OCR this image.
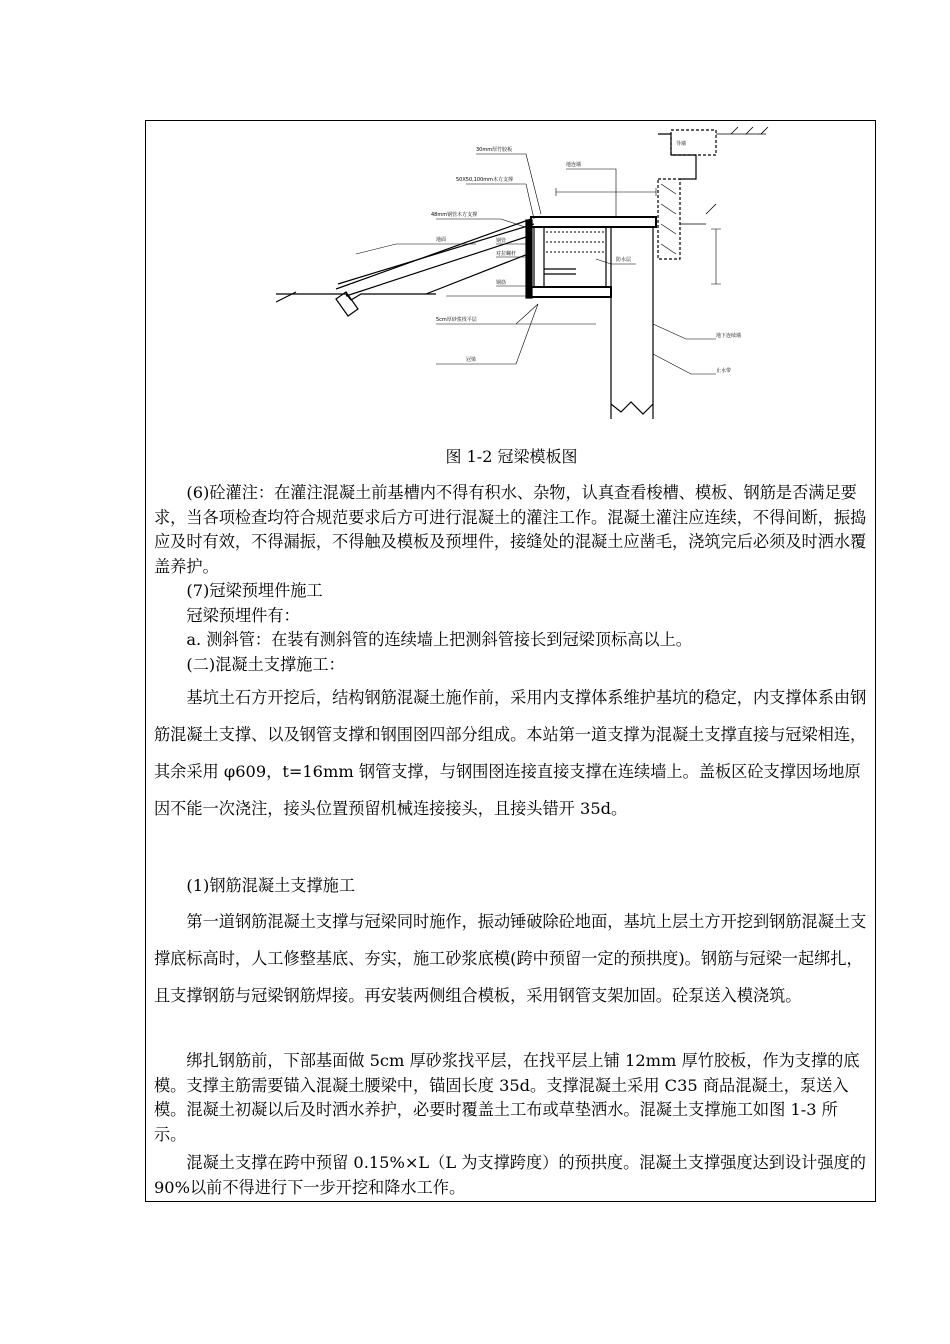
30mm厚竹胶板
50X50,100mm木方支撑
48mm钢管木方支撑
地面	钢管
对拉螺杆
5cm厚砂浆找平层
冠梁
导墙
地连墙
钢筋
防水层
地下连续墙
止水带
图 1-2 冠梁模板图

(6)砼灌注：在灌注混凝土前基槽内不得有积水、杂物，认真查看梭槽、模板、钢筋是否满足要求，当各项检查均符合规范要求后方可进行混凝土的灌注工作。混凝土灌注应连续，不得间断，振捣应及时有效，不得漏振，不得触及模板及预埋件，接缝处的混凝土应凿毛，浇筑完后必须及时洒水覆盖养护。

(7)冠梁预埋件施工

冠梁预埋件有：

a. 测斜管：在装有测斜管的连续墙上把测斜管接长到冠梁顶标高以上。

(二)混凝土支撑施工：

基坑土石方开挖后，结构钢筋混凝土施作前，采用内支撑体系维护基坑的稳定，内支撑体系由钢筋混凝土支撑、以及钢管支撑和钢围囹四部分组成。本站第一道支撑为混凝土支撑直接与冠梁相连，其余采用 φ609，t=16mm 钢管支撑，与钢围囹连接直接支撑在连续墙上。盖板区砼支撑因场地原因不能一次浇注，接头位置预留机械连接接头，且接头错开 35d。

(1)钢筋混凝土支撑施工

第一道钢筋混凝土支撑与冠梁同时施作，振动锤破除砼地面，基坑上层土方开挖到钢筋混凝土支撑底标高时，人工修整基底、夯实，施工砂浆底模(跨中预留一定的预拱度)。钢筋与冠梁一起绑扎，且支撑钢筋与冠梁钢筋焊接。再安装两侧组合模板，采用钢管支架加固。砼泵送入模浇筑。

绑扎钢筋前，下部基面做 5cm 厚砂浆找平层，在找平层上铺 12mm 厚竹胶板，作为支撑的底模。支撑主筋需要锚入混凝土腰梁中，锚固长度 35d。支撑混凝土采用 C35 商品混凝土，泵送入模。混凝土初凝以后及时洒水养护，必要时覆盖土工布或草垫洒水。混凝土支撑施工如图 1-3 所示。

混凝土支撑在跨中预留 0.15%×L（L 为支撑跨度）的预拱度。混凝土支撑强度达到设计强度的 90%以前不得进行下一步开挖和降水工作。
